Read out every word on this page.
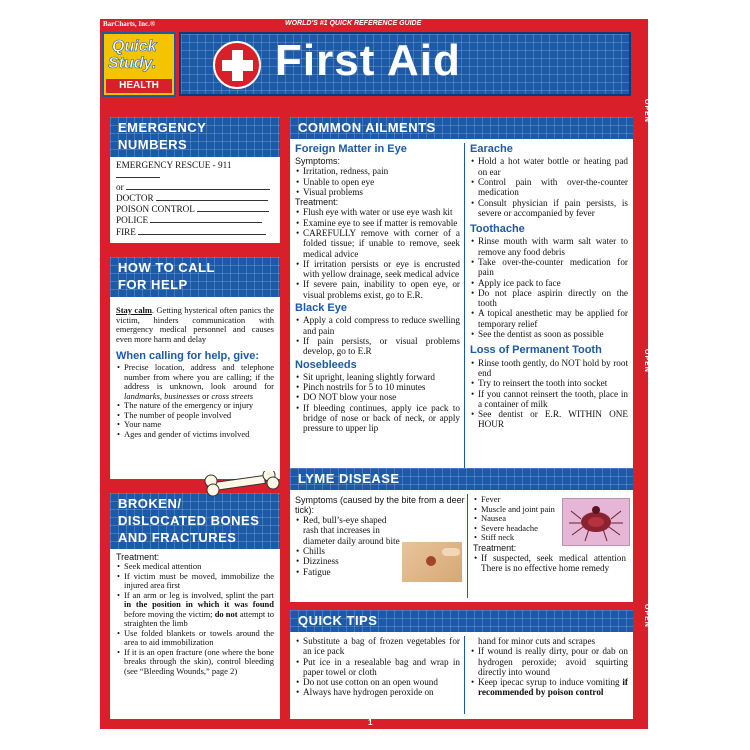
BarCharts, Inc.®	WORLD'S #1 QUICK REFERENCE GUIDE
Quick
Study.
HEALTH
First Aid
OPEN
OPEN
OPEN
EMERGENCY
NUMBERS
EMERGENCY RESCUE - 911
or
DOCTOR
POISON CONTROL
POLICE
FIRE
HOW TO CALL
FOR HELP
Stay calm. Getting hysterical often panics the victim, hinders communication with emergency medical personnel and causes even more harm and delay
When calling for help, give:
• Precise location, address and telephone number from where you are calling; if the address is unknown, look around for landmarks, businesses or cross streets
• The nature of the emergency or injury
• The number of people involved
• Your name
• Ages and gender of victims involved
BROKEN/
DISLOCATED BONES
AND FRACTURES
Treatment:
• Seek medical attention
• If victim must be moved, immobilize the injured area first
• If an arm or leg is involved, splint the part in the position in which it was found before moving the victim; do not attempt to straighten the limb
• Use folded blankets or towels around the area to aid immobilization
• If it is an open fracture (one where the bone breaks through the skin), control bleeding (see “Bleeding Wounds,” page 2)
COMMON AILMENTS
Foreign Matter in Eye
Symptoms:
• Irritation, redness, pain
• Unable to open eye
• Visual problems
Treatment:
• Flush eye with water or use eye wash kit
• Examine eye to see if matter is removable
• CAREFULLY remove with corner of a folded tissue; if unable to remove, seek medical advice
• If irritation persists or eye is encrusted with yellow drainage, seek medical advice
• If severe pain, inability to open eye, or visual problems exist, go to E.R.
Black Eye
• Apply a cold compress to reduce swelling and pain
• If pain persists, or visual problems develop, go to E.R
Nosebleeds
• Sit upright, leaning slightly forward
• Pinch nostrils for 5 to 10 minutes
• DO NOT blow your nose
• If bleeding continues, apply ice pack to bridge of nose or back of neck, or apply pressure to upper lip
Earache
• Hold a hot water bottle or heating pad on ear
• Control pain with over-the-counter medication
• Consult physician if pain persists, is severe or accompanied by fever
Toothache
• Rinse mouth with warm salt water to remove any food debris
• Take over-the-counter medication for pain
• Apply ice pack to face
• Do not place aspirin directly on the tooth
• A topical anesthetic may be applied for temporary relief
• See the dentist as soon as possible
Loss of Permanent Tooth
• Rinse tooth gently, do NOT hold by root end
• Try to reinsert the tooth into socket
• If you cannot reinsert the tooth, place in a container of milk
• See dentist or E.R. WITHIN ONE HOUR
LYME DISEASE
Symptoms (caused by the bite from a deer tick):
• Red, bull’s-eye shaped rash that increases in diameter daily around bite
• Chills
• Dizziness
• Fatigue
• Fever
• Muscle and joint pain
• Nausea
• Severe headache
• Stiff neck
Treatment:
• If suspected, seek medical attention There is no effective home remedy
QUICK TIPS
• Substitute a bag of frozen vegetables for an ice pack
• Put ice in a resealable bag and wrap in paper towel or cloth
• Do not use cotton on an open wound
• Always have hydrogen peroxide on
hand for minor cuts and scrapes
• If wound is really dirty, pour or dab on hydrogen peroxide; avoid squirting directly into wound
• Keep ipecac syrup to induce vomiting if recommended by poison control
1
